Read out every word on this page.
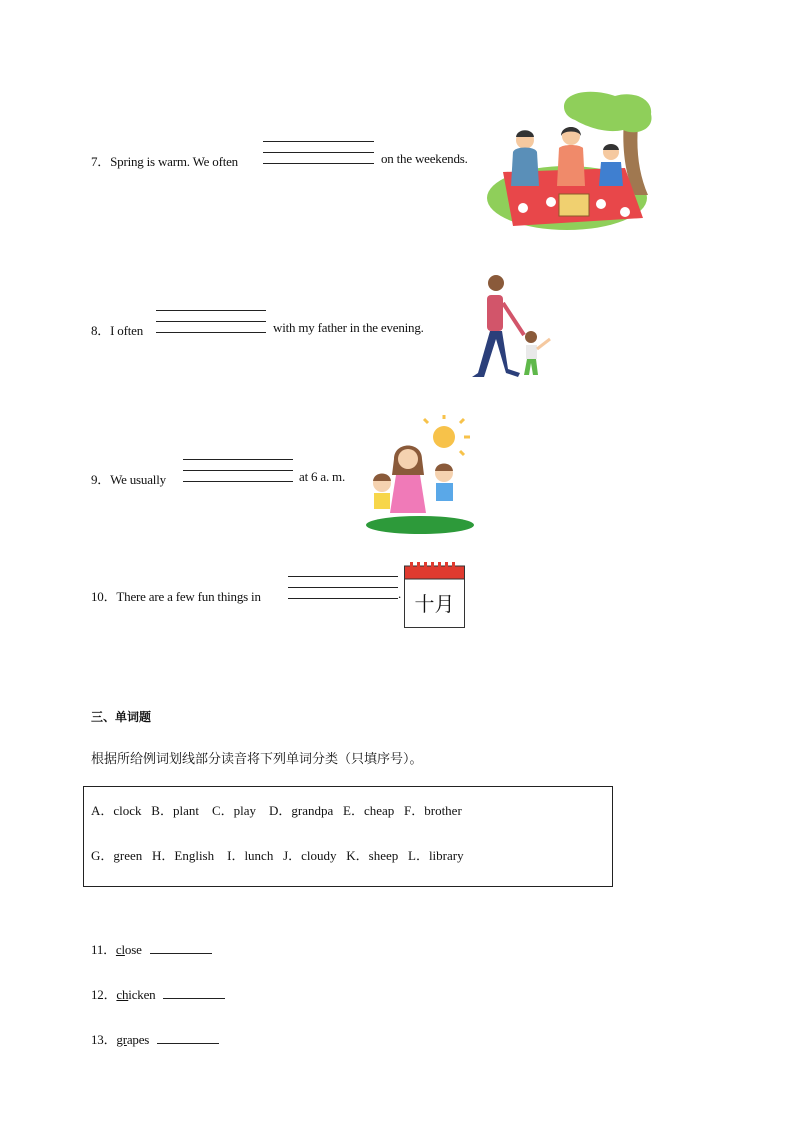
7．Spring is warm. We often	on the weekends.
8．I often	with my father in the evening.
9．We usually	at 6 a. m.
10．There are a few fun things in	. 十月
三、单词题
根据所给例词划线部分读音将下列单词分类（只填序号）。
A．clock   B．plant    C．play    D．grandpa   E．cheap   F．brother
G．green   H．English    I．lunch   J．cloudy   K．sheep   L．library
11．close
12．chicken
13．grapes
